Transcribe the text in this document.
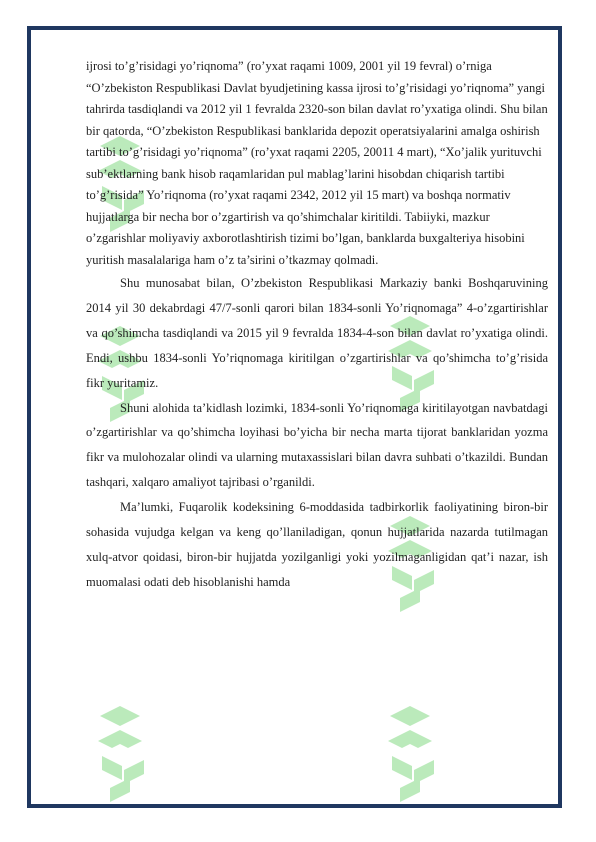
ijrosi to’g’risidagi yo’riqnoma” (ro’yxat raqami 1009, 2001 yil 19 fevral) o’rniga “O’zbekiston Respublikasi Davlat byudjetining kassa ijrosi to’g’risidagi yo’riqnoma” yangi tahrirda tasdiqlandi va 2012 yil 1 fevralda 2320-son bilan davlat ro’yxatiga olindi. Shu bilan bir qatorda, “O’zbekiston Respublikasi banklarida depozit operatsiyalarini amalga oshirish tartibi to’g’risidagi yo’riqnoma” (ro’yxat raqami 2205, 20011 4 mart), “Xo’jalik yurituvchi sub’ektlarning bank hisob raqamlaridan pul mablag’larini hisobdan chiqarish tartibi to’g’risida” Yo’riqnoma (ro’yxat raqami 2342, 2012 yil 15 mart) va boshqa normativ hujjatlarga bir necha bor o’zgartirish va qo’shimchalar kiritildi. Tabiiyki, mazkur o’zgarishlar moliyaviy axborotlashtirish tizimi bo’lgan, banklarda buxgalteriya hisobini yuritish masalalariga ham o’z ta’sirini o’tkazmay qolmadi.

Shu munosabat bilan, O’zbekiston Respublikasi Markaziy banki Boshqaruvining 2014 yil 30 dekabrdagi 47/7-sonli qarori bilan 1834-sonli Yo’riqnomaga” 4-o’zgartirishlar va qo’shimcha tasdiqlandi va 2015 yil 9 fevralda 1834-4-son bilan davlat ro’yxatiga olindi. Endi, ushbu 1834-sonli Yo’riqnomaga kiritilgan o’zgartirishlar va qo’shimcha to’g’risida fikr yuritamiz.

Shuni alohida ta’kidlash lozimki, 1834-sonli Yo’riqnomaga kiritilayotgan navbatdagi o’zgartirishlar va qo’shimcha loyihasi bo’yicha bir necha marta tijorat banklaridan yozma fikr va mulohozalar olindi va ularning mutaxassislari bilan davra suhbati o’tkazildi. Bundan tashqari, xalqaro amaliyot tajribasi o’rganildi.

Ma’lumki, Fuqarolik kodeksining 6-moddasida tadbirkorlik faoliyatining biron-bir sohasida vujudga kelgan va keng qo’llaniladigan, qonun hujjatlarida nazarda tutilmagan xulq-atvor qoidasi, biron-bir hujjatda yozilganligi yoki yozilmaganligidan qat’i nazar, ish muomalasi odati deb hisoblanishi hamda
